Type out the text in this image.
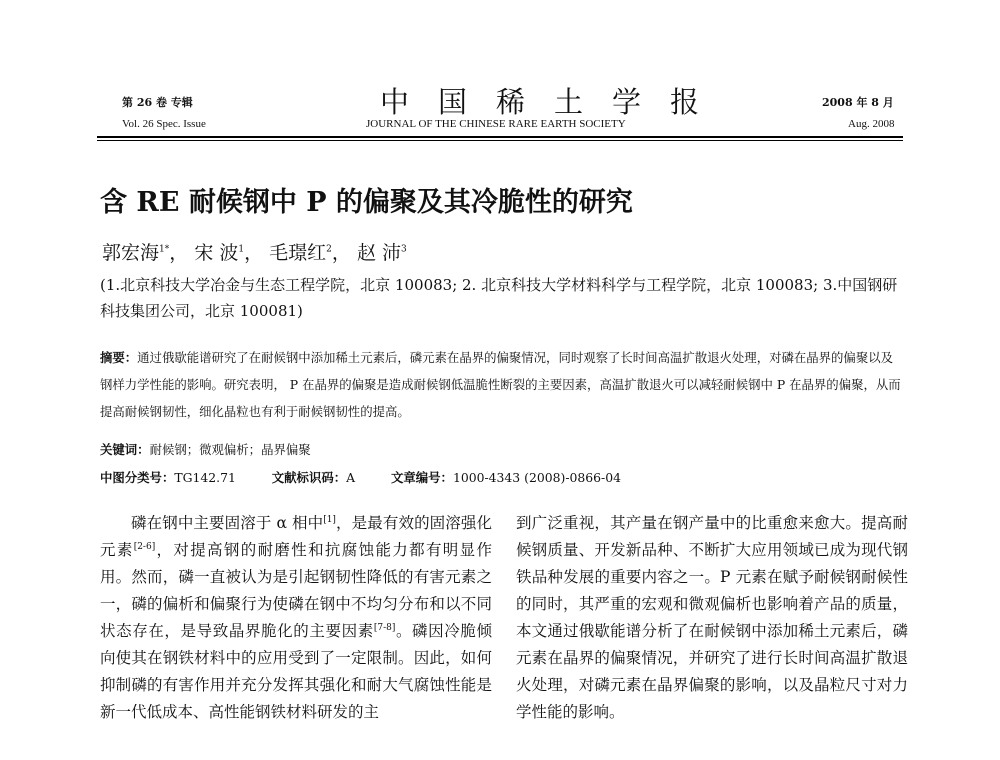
第 26 卷 专辑	中国稀土学报	2008 年 8 月
Vol. 26 Spec. Issue	JOURNAL OF THE CHINESE RARE EARTH SOCIETY	Aug. 2008
含 RE 耐候钢中 P 的偏聚及其冷脆性的研究
郭宏海$^{1*}$， 宋 波$^1$， 毛璟红$^2$， 赵 沛$^3$
(1.北京科技大学冶金与生态工程学院，北京 100083; 2. 北京科技大学材料科学与工程学院，北京 100083; 3.中国钢研科技集团公司，北京 100081)
摘要：通过俄歇能谱研究了在耐候钢中添加稀土元素后，磷元素在晶界的偏聚情况，同时观察了长时间高温扩散退火处理，对磷在晶界的偏聚以及钢样力学性能的影响。研究表明， P 在晶界的偏聚是造成耐候钢低温脆性断裂的主要因素，高温扩散退火可以减轻耐候钢中 P 在晶界的偏聚，从而提高耐候钢韧性，细化晶粒也有利于耐候钢韧性的提高。
关键词：耐候钢；微观偏析；晶界偏聚
中图分类号：TG142.71	文献标识码：A	文章编号：1000-4343 (2008)-0866-04
磷在钢中主要固溶于 α 相中[1]，是最有效的固溶强化元素[2-6]，对提高钢的耐磨性和抗腐蚀能力都有明显作用。然而，磷一直被认为是引起钢韧性降低的有害元素之一，磷的偏析和偏聚行为使磷在钢中不均匀分布和以不同状态存在，是导致晶界脆化的主要因素[7-8]。磷因冷脆倾向使其在钢铁材料中的应用受到了一定限制。因此，如何抑制磷的有害作用并充分发挥其强化和耐大气腐蚀性能是新一代低成本、高性能钢铁材料研发的主
到广泛重视，其产量在钢产量中的比重愈来愈大。提高耐候钢质量、开发新品种、不断扩大应用领域已成为现代钢铁品种发展的重要内容之一。P 元素在赋予耐候钢耐候性的同时，其严重的宏观和微观偏析也影响着产品的质量，本文通过俄歇能谱分析了在耐候钢中添加稀土元素后，磷元素在晶界的偏聚情况，并研究了进行长时间高温扩散退火处理，对磷元素在晶界偏聚的影响，以及晶粒尺寸对力学性能的影响。
